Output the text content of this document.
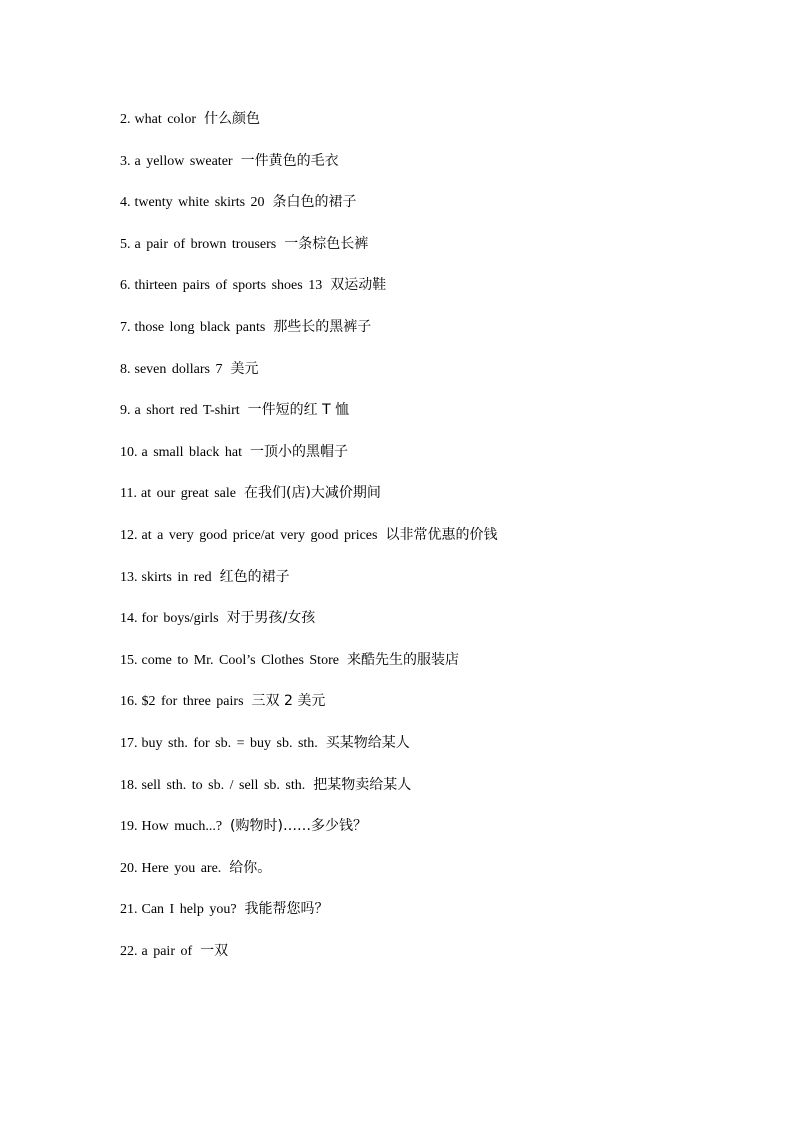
2. what color 什么颜色
3. a yellow sweater 一件黄色的毛衣
4. twenty white skirts 20 条白色的裙子
5. a pair of brown trousers 一条棕色长裤
6. thirteen pairs of sports shoes 13 双运动鞋
7. those long black pants 那些长的黑裤子
8. seven dollars 7 美元
9. a short red T-shirt 一件短的红 T 恤
10. a small black hat 一顶小的黑帽子
11. at our great sale 在我们(店)大减价期间
12. at a very good price/at very good prices 以非常优惠的价钱
13. skirts in red 红色的裙子
14. for boys/girls 对于男孩/女孩
15. come to Mr. Cool’s Clothes Store 来酷先生的服装店
16. $2 for three pairs 三双 2 美元
17. buy sth. for sb. = buy sb. sth. 买某物给某人
18. sell sth. to sb. / sell sb. sth. 把某物卖给某人
19. How much...? (购物时)……多少钱？
20. Here you are. 给你。
21. Can I help you? 我能帮您吗？
22. a pair of 一双
